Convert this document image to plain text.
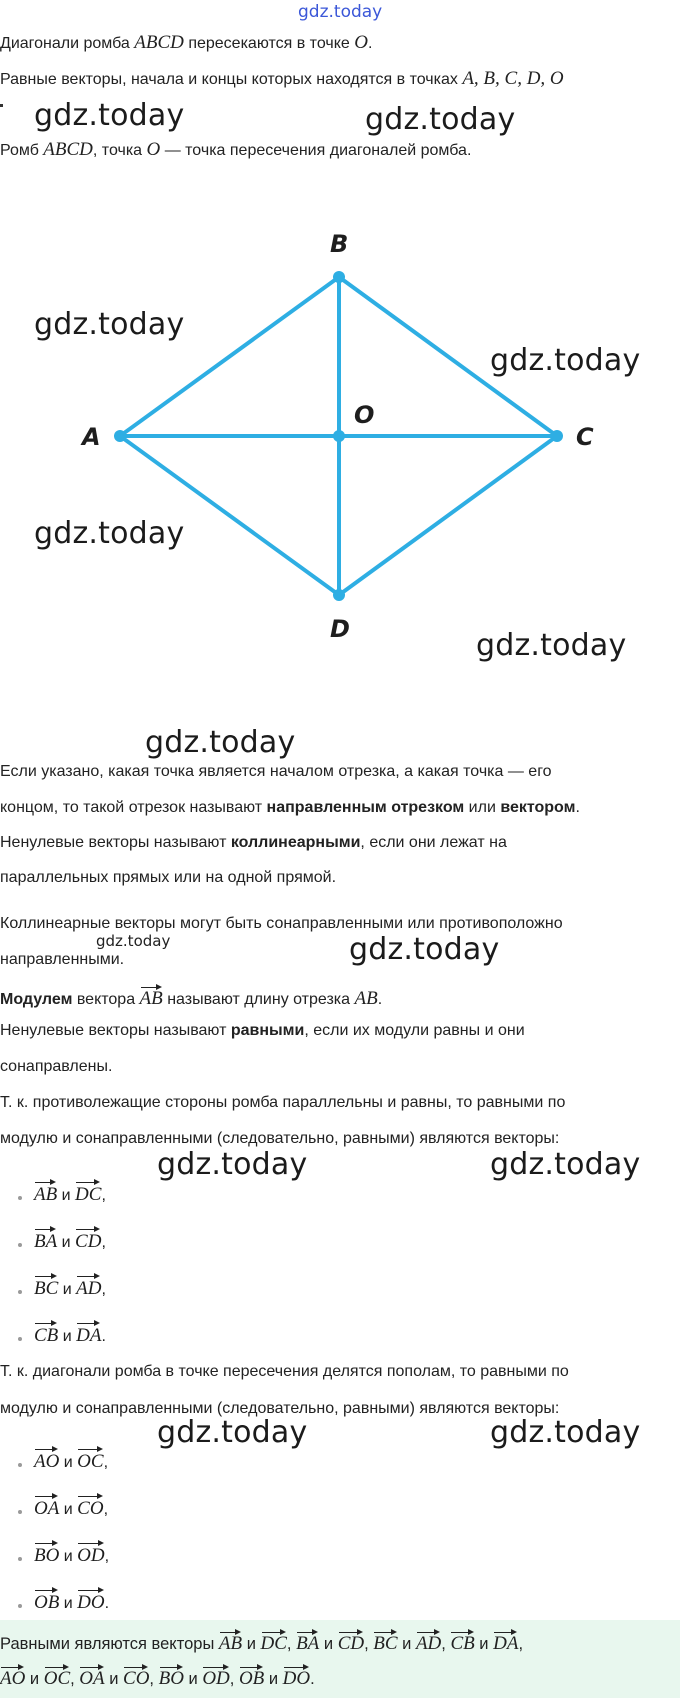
gdz.today
Диагонали ромба ABCD пересекаются в точке O.
Равные векторы, начала и концы которых находятся в точках A, B, C, D, O
Ромб ABCD, точка O — точка пересечения диагоналей ромба.
A
B
C
D
O
Если указано, какая точка является началом отрезка, а какая точка — его
концом, то такой отрезок называют направленным отрезком или вектором.
Ненулевые векторы называют коллинеарными, если они лежат на
параллельных прямых или на одной прямой.
Коллинеарные векторы могут быть сонаправленными или противоположно
направленными.
Модулем вектора AB называют длину отрезка AB.
Ненулевые векторы называют равными, если их модули равны и они
сонаправлены.
Т. к. противолежащие стороны ромба параллельны и равны, то равными по
модулю и сонаправленными (следовательно, равными) являются векторы:
AB и DC,
BA и CD,
BC и AD,
CB и DA.
Т. к. диагонали ромба в точке пересечения делятся пополам, то равными по
модулю и сонаправленными (следовательно, равными) являются векторы:
AO и OC,
OA и CO,
BO и OD,
OB и DO.
Равными являются векторы AB и DC, BA и CD, BC и AD, CB и DA,
AO и OC, OA и CO, BO и OD, OB и DO.
gdz.today	gdz.today
gdz.today
gdz.today
gdz.today
gdz.today
gdz.today
gdz.today	gdz.today
gdz.today	gdz.today
gdz.today	gdz.today
